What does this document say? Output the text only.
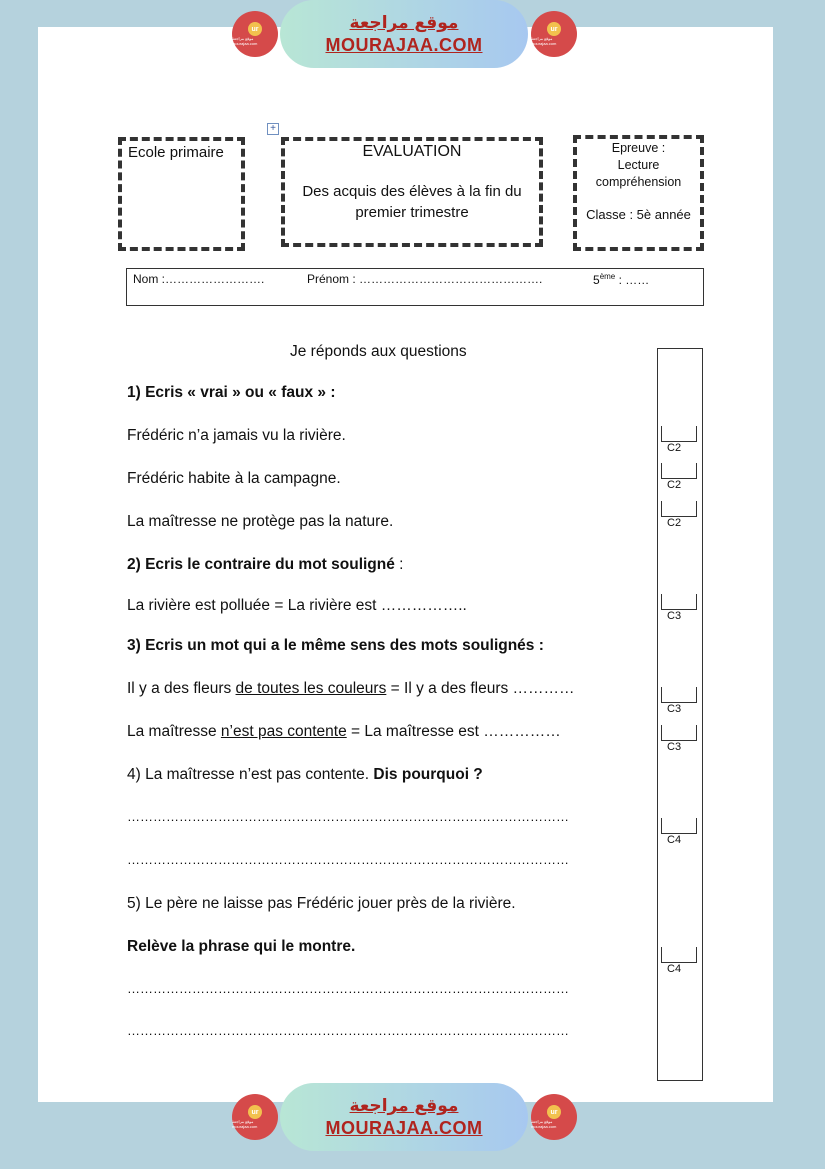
ur
موقع مراجعة mourajaa.com
موقع مراجعة
MOURAJAA.COM
ur
موقع مراجعة mourajaa.com
Ecole primaire
+
EVALUATION
Des acquis des élèves à la fin du
premier trimestre
Epreuve :
Lecture
compréhension
Classe : 5è année
Nom :…………………….	Prénom : ……………………………………….	5ème : ……
C2
C2
C2
C3
C3
C3
C4
C4
Je réponds aux questions
1) Ecris « vrai » ou « faux » :
Frédéric n’a jamais vu la rivière.
Frédéric habite à la campagne.
La maîtresse ne protège pas la nature.
2) Ecris le contraire du mot souligné :
La rivière est polluée = La rivière est ……………..
3) Ecris un mot qui a le même sens des mots soulignés :
Il y a des fleurs de toutes les couleurs = Il y a des fleurs …………
La maîtresse n’est pas contente = La maîtresse est ……………
4) La maîtresse n’est pas contente. Dis pourquoi ?
…………………………………………………………………………………………
…………………………………………………………………………………………
5) Le père ne laisse pas Frédéric jouer près de la rivière.
Relève la phrase qui le montre.
…………………………………………………………………………………………
…………………………………………………………………………………………
ur
موقع مراجعة mourajaa.com
موقع مراجعة
MOURAJAA.COM
ur
موقع مراجعة mourajaa.com
